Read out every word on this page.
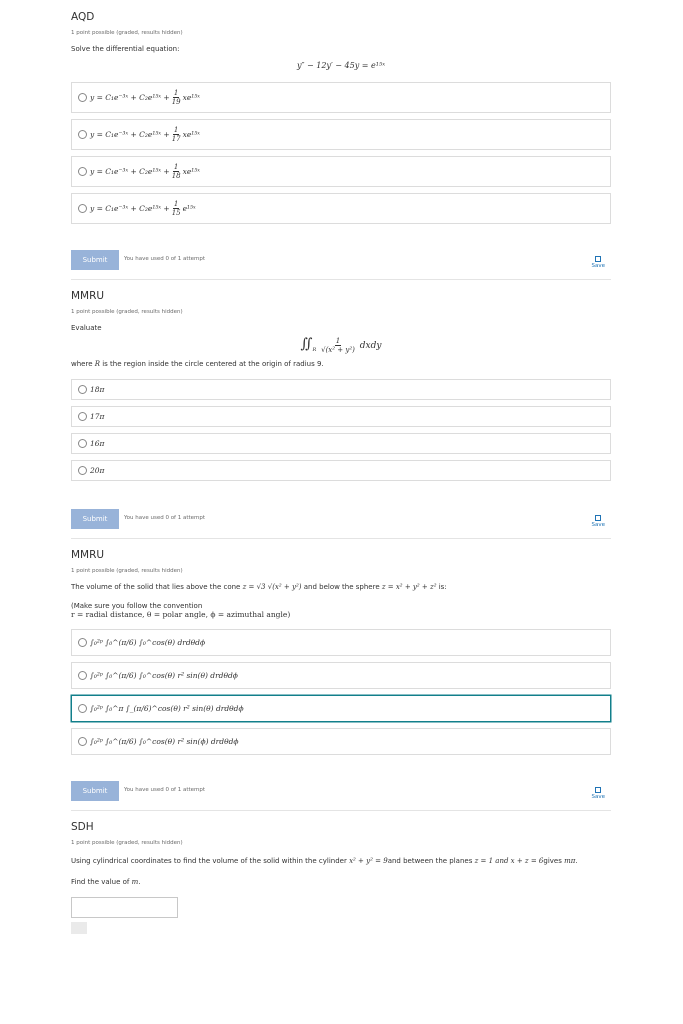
AQD
1 point possible (graded, results hidden)
Solve the differential equation:
y″ − 12y′ − 45y = e¹⁵ˣ
y = C₁e⁻³ˣ + C₂e¹⁵ˣ + $\frac{1}{19}$ xe¹⁵ˣ
y = C₁e⁻³ˣ + C₂e¹⁵ˣ + $\frac{1}{17}$ xe¹⁵ˣ
y = C₁e⁻³ˣ + C₂e¹⁵ˣ + $\frac{1}{18}$ xe¹⁵ˣ
y = C₁e⁻³ˣ + C₂e¹⁵ˣ + $\frac{1}{15}$ e¹⁵ˣ
Submit	You have used 0 of 1 attempt
Save
MMRU
1 point possible (graded, results hidden)
Evaluate
$∬_R \frac{1}{\text{√(x² + y²)}}$ dxdy
where R is the region inside the circle centered at the origin of radius 9.
18π
17π
16π
20π
Submit	You have used 0 of 1 attempt
Save
MMRU
1 point possible (graded, results hidden)
The volume of the solid that lies above the cone z = √3 √(x² + y²) and below the sphere z = x² + y² + z² is:
(Make sure you follow the convention
r = radial distance, θ = polar angle, ϕ = azimuthal angle)
∫₀²ᵖ ∫₀^(π/6) ∫₀^cos(θ) drdθdϕ
∫₀²ᵖ ∫₀^(π/6) ∫₀^cos(θ) r² sin(θ) drdθdϕ
∫₀²ᵖ ∫₀^π ∫_(π/6)^cos(θ) r² sin(θ) drdθdϕ
∫₀²ᵖ ∫₀^(π/6) ∫₀^cos(θ) r² sin(ϕ) drdθdϕ
Submit	You have used 0 of 1 attempt
Save
SDH
1 point possible (graded, results hidden)
Using cylindrical coordinates to find the volume of the solid within the cylinder x² + y² = 9and between the planes z = 1 and x + z = 6gives mπ.
Find the value of m.
